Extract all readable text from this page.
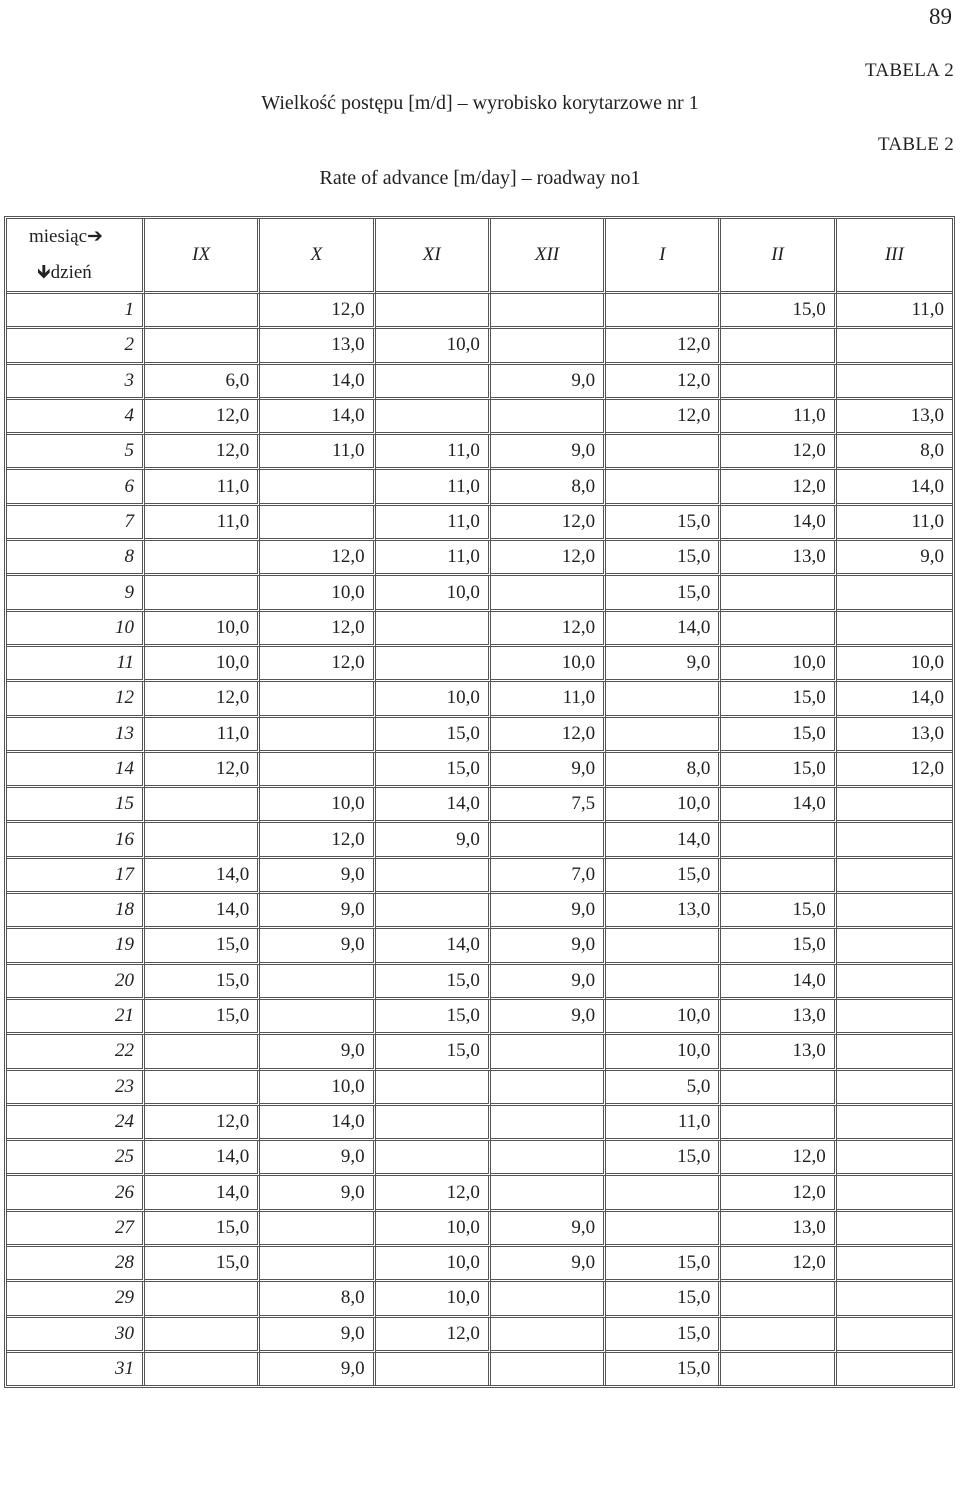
89
TABELA 2
Wielkość postępu [m/d] – wyrobisko korytarzowe nr 1
TABLE 2
Rate of advance [m/day] – roadway no1
miesiąc➔
🡻dzień	IX	X	XI	XII	I	II	III
1		12,0				15,0	11,0
2		13,0	10,0		12,0		
3	6,0	14,0		9,0	12,0		
4	12,0	14,0			12,0	11,0	13,0
5	12,0	11,0	11,0	9,0		12,0	8,0
6	11,0		11,0	8,0		12,0	14,0
7	11,0		11,0	12,0	15,0	14,0	11,0
8		12,0	11,0	12,0	15,0	13,0	9,0
9		10,0	10,0		15,0		
10	10,0	12,0		12,0	14,0		
11	10,0	12,0		10,0	9,0	10,0	10,0
12	12,0		10,0	11,0		15,0	14,0
13	11,0		15,0	12,0		15,0	13,0
14	12,0		15,0	9,0	8,0	15,0	12,0
15		10,0	14,0	7,5	10,0	14,0	
16		12,0	9,0		14,0		
17	14,0	9,0		7,0	15,0		
18	14,0	9,0		9,0	13,0	15,0	
19	15,0	9,0	14,0	9,0		15,0	
20	15,0		15,0	9,0		14,0	
21	15,0		15,0	9,0	10,0	13,0	
22		9,0	15,0		10,0	13,0	
23		10,0			5,0		
24	12,0	14,0			11,0		
25	14,0	9,0			15,0	12,0	
26	14,0	9,0	12,0			12,0	
27	15,0		10,0	9,0		13,0	
28	15,0		10,0	9,0	15,0	12,0	
29		8,0	10,0		15,0		
30		9,0	12,0		15,0		
31		9,0			15,0		
